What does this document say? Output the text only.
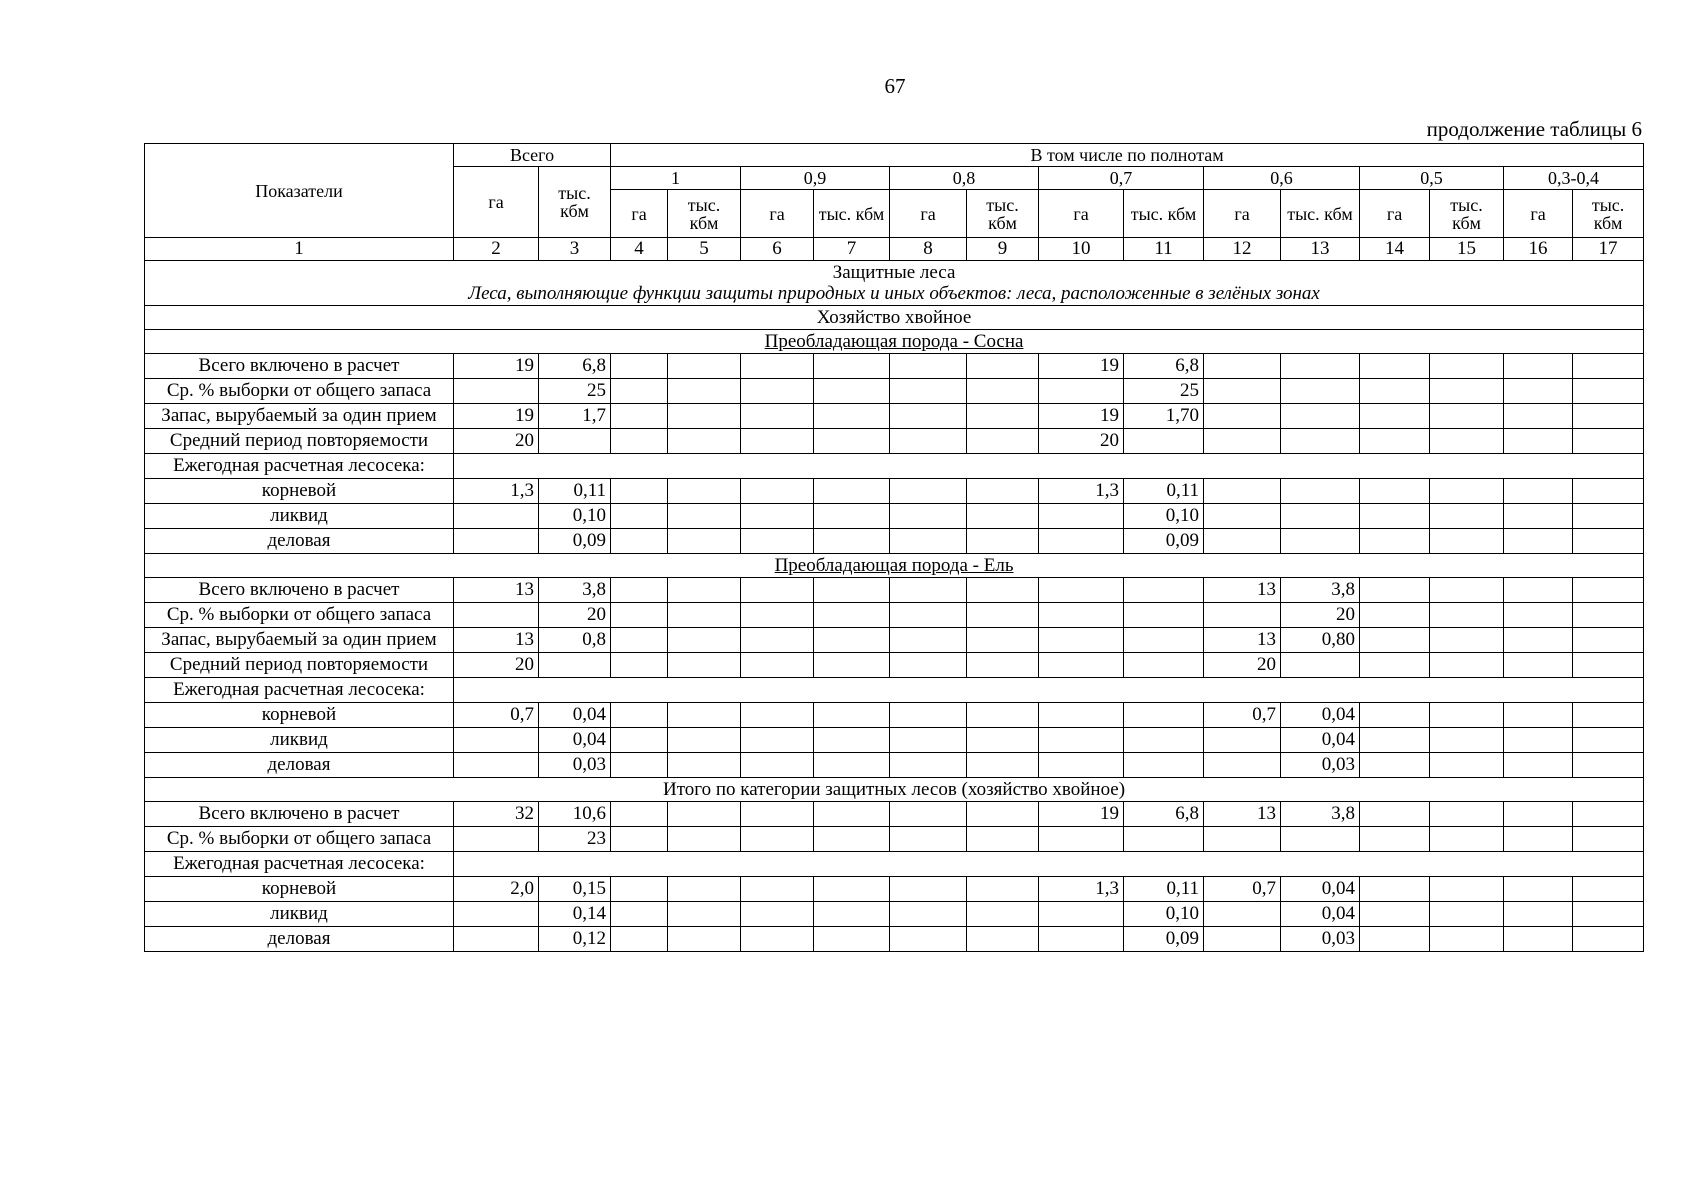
67
продолжение таблицы 6
Показатели	Всего		В том числе по полнотам													
	га	тыс. кбм	1		0,9		0,8		0,7		0,6		0,5		0,3-0,4	
			га	тыс. кбм	га	тыс. кбм	га	тыс. кбм	га	тыс. кбм	га	тыс. кбм	га	тыс. кбм	га	тыс. кбм
1	2	3	4	5	6	7	8	9	10	11	12	13	14	15	16	17

Защитные леса
Леса, выполняющие функции защиты природных и иных объектов: леса, расположенные в зелёных зонах																

Хозяйство хвойное																
Преобладающая порода - Сосна																
Всего включено в расчет	19	6,8							19	6,8						
Ср. % выборки от общего запаса		25								25						
Запас, вырубаемый за один прием	19	1,7							19	1,70						
Средний период повторяемости	20								20							
Ежегодная расчетная лесосека:																
корневой	1,3	0,11							1,3	0,11						
ликвид		0,10								0,10						
деловая		0,09								0,09						
Преобладающая порода - Ель																
Всего включено в расчет	13	3,8									13	3,8				
Ср. % выборки от общего запаса		20										20				
Запас, вырубаемый за один прием	13	0,8									13	0,80				
Средний период повторяемости	20										20					
Ежегодная расчетная лесосека:																
корневой	0,7	0,04									0,7	0,04				
ликвид		0,04										0,04				
деловая		0,03										0,03				
Итого по категории защитных лесов (хозяйство хвойное)																
Всего включено в расчет	32	10,6							19	6,8	13	3,8				
Ср. % выборки от общего запаса		23														
Ежегодная расчетная лесосека:																
корневой	2,0	0,15							1,3	0,11	0,7	0,04				
ликвид		0,14								0,10		0,04				
деловая		0,12								0,09		0,03				
